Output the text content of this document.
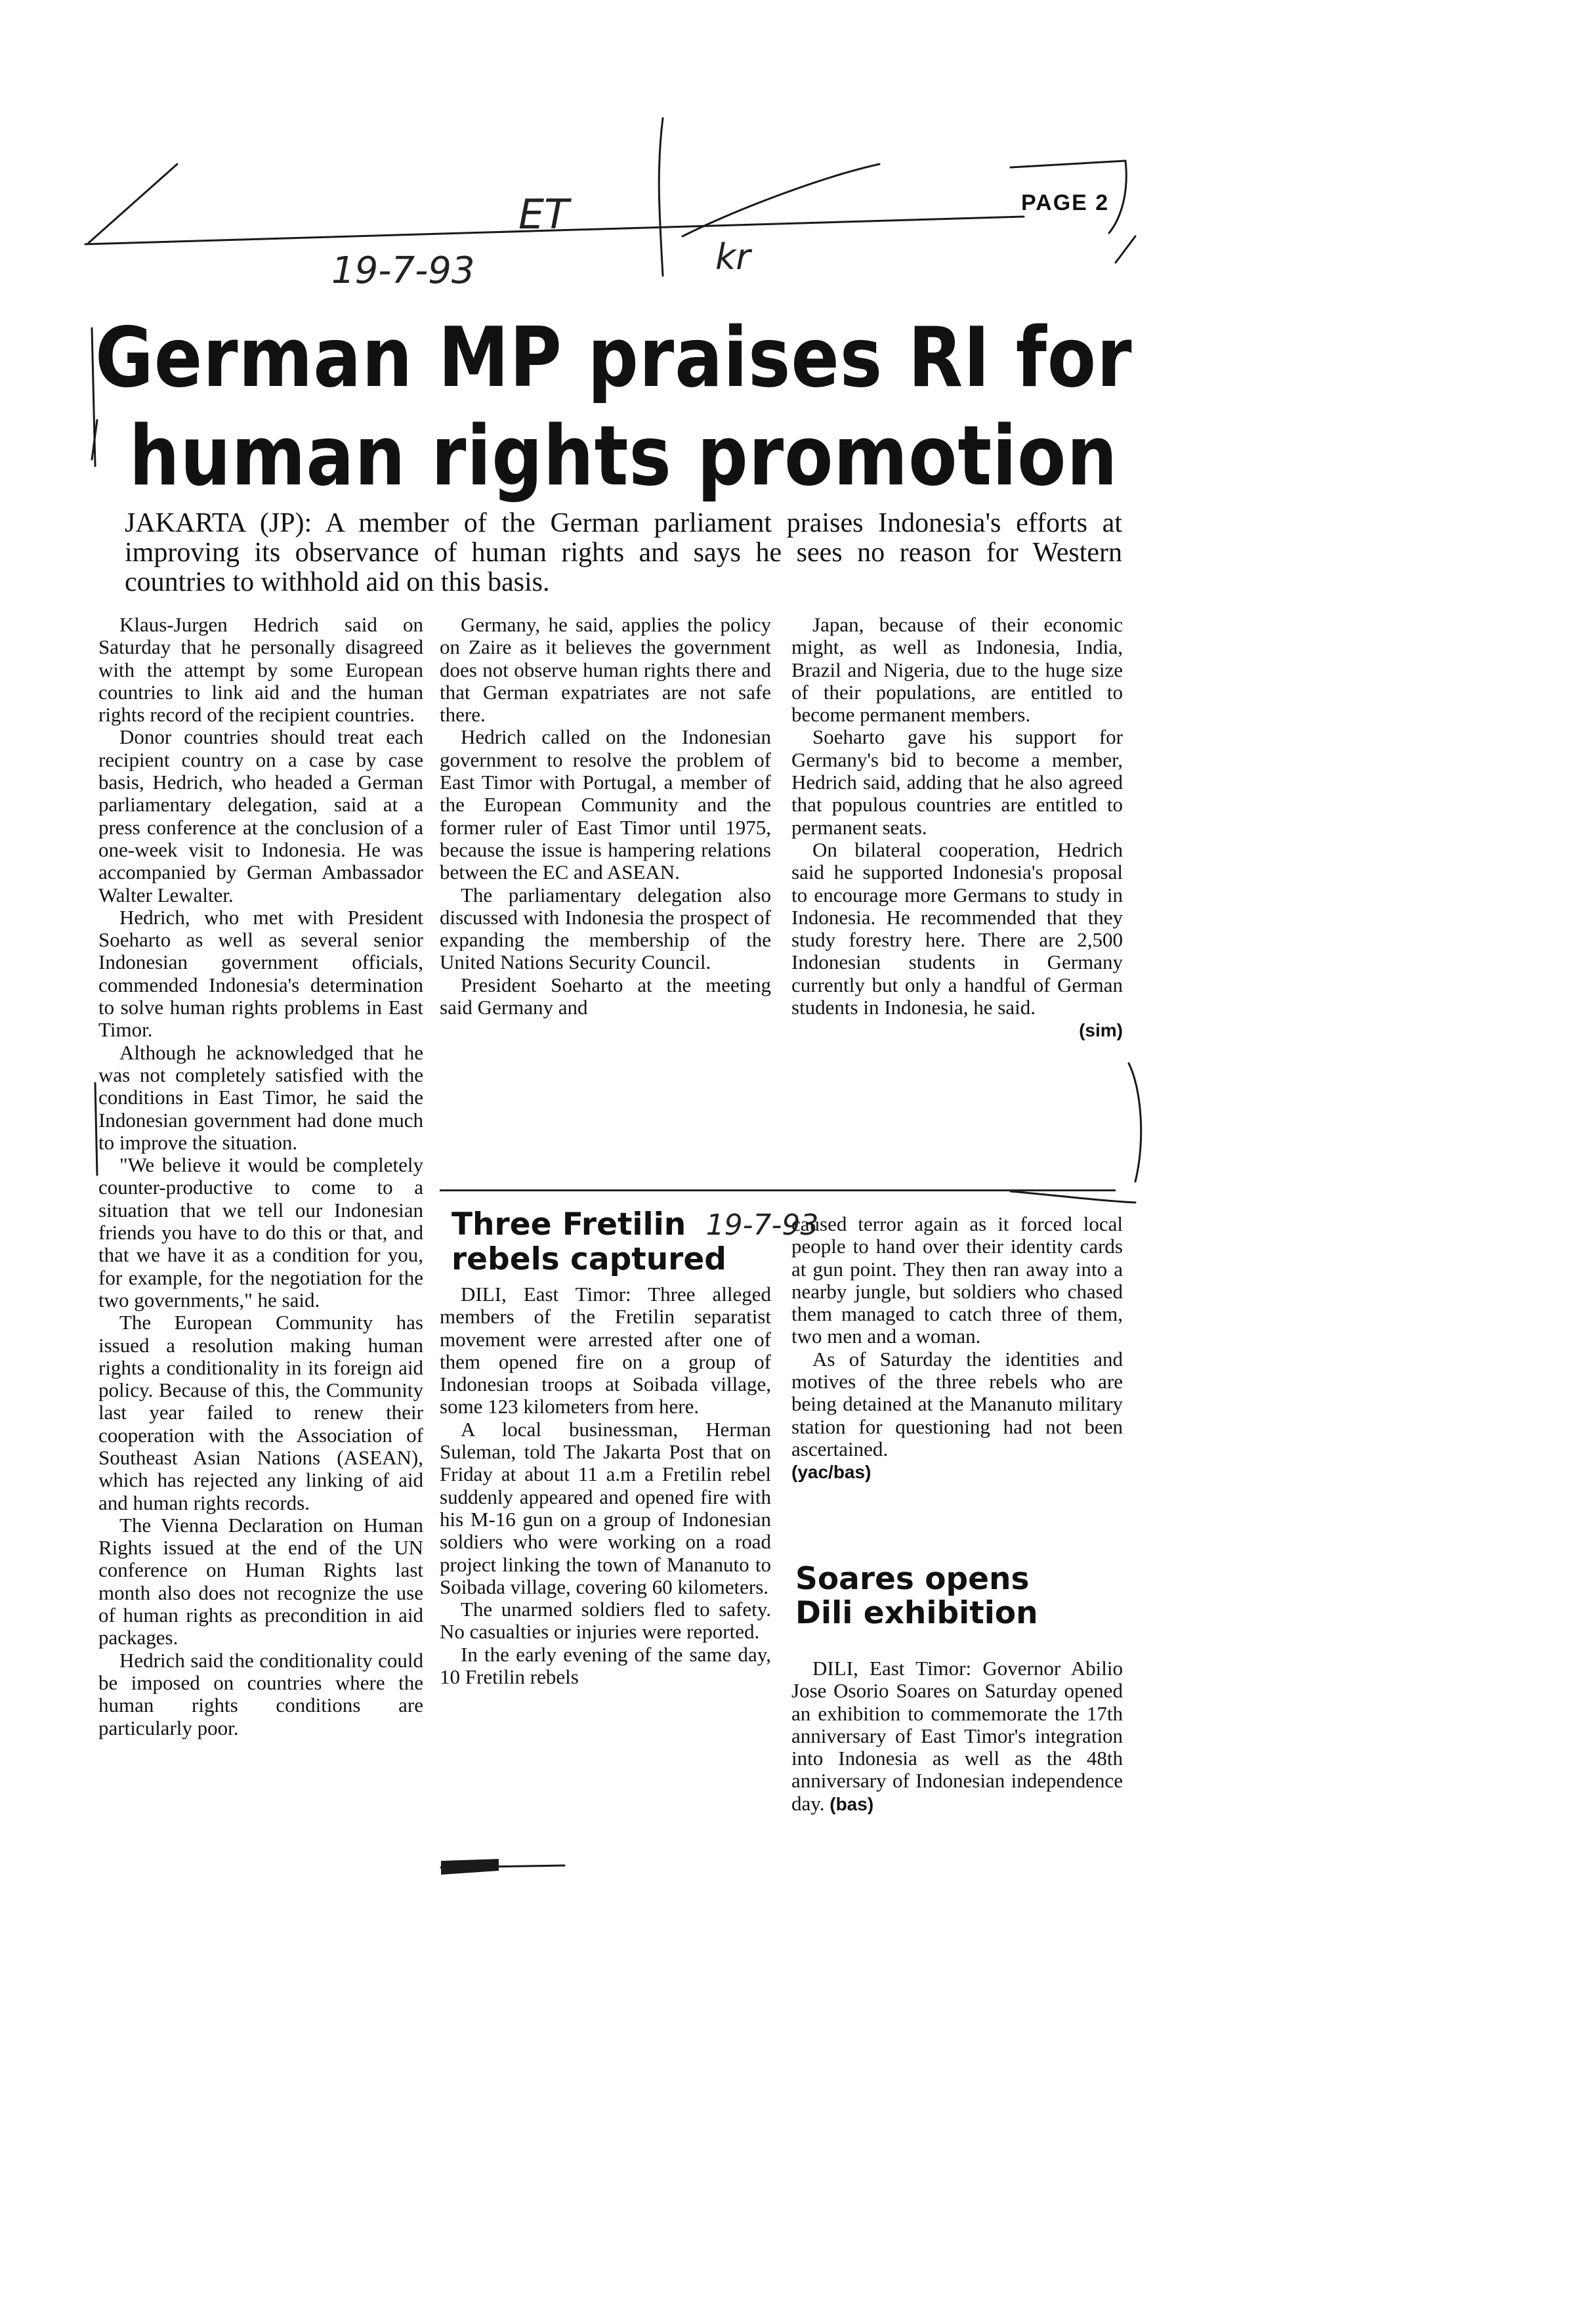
ET
19-7-93	kr
PAGE 2
German MP praises RI for
human rights promotion

JAKARTA (JP): A member of the German parliament praises Indonesia's efforts at improving its observance of human rights and says he sees no reason for Western countries to withhold aid on this basis.

Klaus-Jurgen Hedrich said on Saturday that he personally disagreed with the attempt by some European countries to link aid and the human rights record of the recipient countries.

Donor countries should treat each recipient country on a case by case basis, Hedrich, who headed a German parliamentary delegation, said at a press conference at the conclusion of a one-week visit to Indonesia. He was accompanied by German Ambassador Walter Lewalter.

Hedrich, who met with President Soeharto as well as several senior Indonesian government officials, commended Indonesia's determination to solve human rights problems in East Timor.

Although he acknowledged that he was not completely satisfied with the conditions in East Timor, he said the Indonesian government had done much to improve the situation.

"We believe it would be completely counter-productive to come to a situation that we tell our Indonesian friends you have to do this or that, and that we have it as a condition for you, for example, for the negotiation for the two governments," he said.

The European Community has issued a resolution making human rights a conditionality in its foreign aid policy. Because of this, the Community last year failed to renew their cooperation with the Association of Southeast Asian Nations (ASEAN), which has rejected any linking of aid and human rights records.

The Vienna Declaration on Human Rights issued at the end of the UN conference on Human Rights last month also does not recognize the use of human rights as precondition in aid packages.

Hedrich said the conditionality could be imposed on countries where the human rights conditions are particularly poor.

Germany, he said, applies the policy on Zaire as it believes the government does not observe human rights there and that German expatriates are not safe there.

Hedrich called on the Indonesian government to resolve the problem of East Timor with Portugal, a member of the European Community and the former ruler of East Timor until 1975, because the issue is hampering relations between the EC and ASEAN.

The parliamentary delegation also discussed with Indonesia the prospect of expanding the membership of the United Nations Security Council.

President Soeharto at the meeting said Germany and

Japan, because of their economic might, as well as Indonesia, India, Brazil and Nigeria, due to the huge size of their populations, are entitled to become permanent members.

Soeharto gave his support for Germany's bid to become a member, Hedrich said, adding that he also agreed that populous countries are entitled to permanent seats.

On bilateral cooperation, Hedrich said he supported Indonesia's proposal to encourage more Germans to study in Indonesia. He recommended that they study forestry here. There are 2,500 Indonesian students in Germany currently but only a handful of German students in Indonesia, he said.

(sim)

Three Fretilin 19-7-93
rebels captured

DILI, East Timor: Three alleged members of the Fretilin separatist movement were arrested after one of them opened fire on a group of Indonesian troops at Soibada village, some 123 kilometers from here.

A local businessman, Herman Suleman, told The Jakarta Post that on Friday at about 11 a.m a Fretilin rebel suddenly appeared and opened fire with his M-16 gun on a group of Indonesian soldiers who were working on a road project linking the town of Mananuto to Soibada village, covering 60 kilometers.

The unarmed soldiers fled to safety. No casualties or injuries were reported.

In the early evening of the same day, 10 Fretilin rebels

caused terror again as it forced local people to hand over their identity cards at gun point. They then ran away into a nearby jungle, but soldiers who chased them managed to catch three of them, two men and a woman.

As of Saturday the identities and motives of the three rebels who are being detained at the Mananuto military station for questioning had not been ascertained.

(yac/bas)

Soares opens
Dili exhibition

DILI, East Timor: Governor Abilio Jose Osorio Soares on Saturday opened an exhibition to commemorate the 17th anniversary of East Timor's integration into Indonesia as well as the 48th anniversary of Indonesian independence day. (bas)
